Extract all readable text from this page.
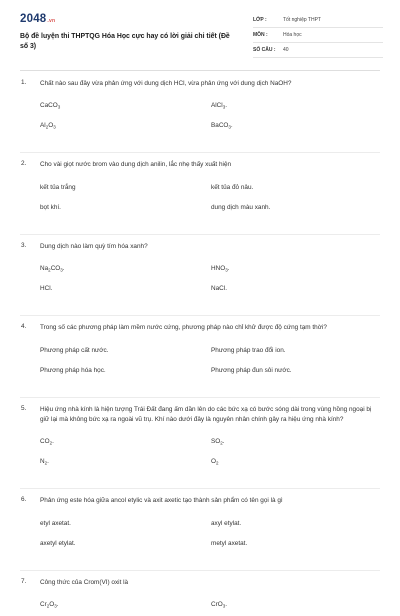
2048.vn
Bộ đề luyện thi THPTQG Hóa Học cực hay có lời giải chi tiết (Đề số 3)
LỚP :	Tốt nghiệp THPT
MÔN :	Hóa học
SỐ CÂU : 40
1. Chất nào sau đây vừa phản ứng với dung dịch HCl, vừa phản ứng với dung dịch NaOH?
CaCO$_3$	AlCl$_3$.
$Al_2O_3$	BaCO$_3$.
2. Cho vài giọt nước brom vào dung dịch anilin, lắc nhẹ thấy xuất hiện
kết tủa trắng	kết tủa đỏ nâu.
bọt khí.	dung dịch màu xanh.
3. Dung dịch nào làm quỳ tím hóa xanh?
$Na_2CO_3$.	$HNO_3$.
HCl.	NaCl.
4. Trong số các phương pháp làm mềm nước cứng, phương pháp nào chỉ khử được độ cứng tạm thời?
Phương pháp cất nước.	Phương pháp trao đổi ion.
Phương pháp hóa học.	Phương pháp đun sôi nước.
5. Hiệu ứng nhà kính là hiện tượng Trái Đất đang ấm dần lên do các bức xạ có bước sóng dài trong vùng hồng ngoại bị giữ lại mà không bức xạ ra ngoài vũ trụ. Khí nào dưới đây là nguyên nhân chính gây ra hiệu ứng nhà kính?
$CO_2$.	$SO_2$.
$N_2$.	$O_2$
6. Phản ứng este hóa giữa ancol etylic và axit axetic tạo thành sản phẩm có tên gọi là gì
etyl axetat.	axyl etylat.
axetyl etylat.	metyl axetat.
7. Công thức của Crom(VI) oxit là
$Cr_2O_3$.	CrO$_3$.
